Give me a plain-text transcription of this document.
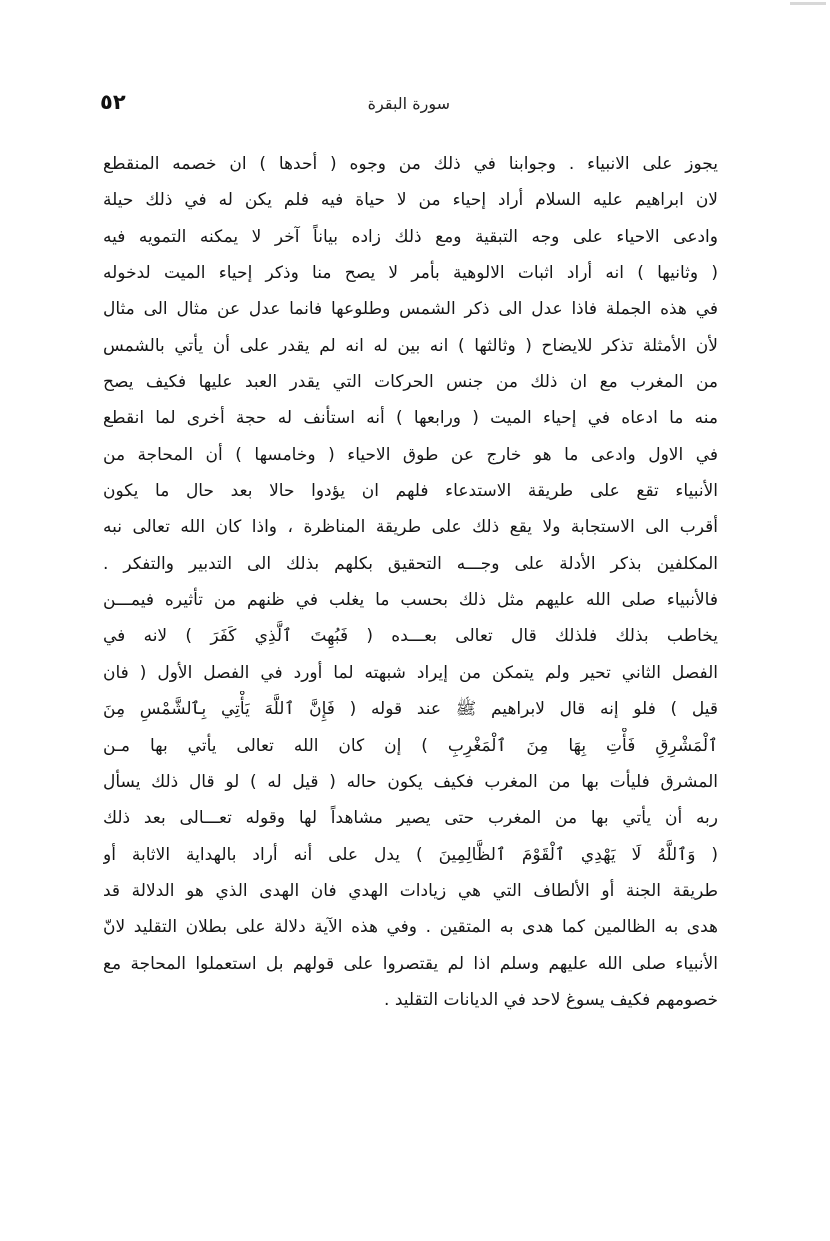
٥٢	سورة البقرة
يجوز على الانبياء . وجوابنا في ذلك من وجوه ( أحدها ) ان خصمه المنقطع
لان ابراهيم عليه السلام أراد إحياء من لا حياة فيه فلم يكن له في ذلك حيلة
وادعى الاحياء على وجه التبقية ومع ذلك زاده بياناً آخر لا يمكنه التمويه فيه
( وثانيها ) انه أراد اثبات الالوهية بأمر لا يصح منا وذكر إحياء الميت لدخوله
في هذه الجملة فاذا عدل الى ذكر الشمس وطلوعها فانما عدل عن مثال الى مثال
لأن الأمثلة تذكر للايضاح ( وثالثها ) انه بين له انه لم يقدر على أن يأتي بالشمس
من المغرب مع ان ذلك من جنس الحركات التي يقدر العبد عليها فكيف يصح
منه ما ادعاه في إحياء الميت ( ورابعها ) أنه استأنف له حجة أخرى لما انقطع
في الاول وادعى ما هو خارج عن طوق الاحياء ( وخامسها ) أن المحاجة من
الأنبياء تقع على طريقة الاستدعاء فلهم ان يؤدوا حالا بعد حال ما يكون
أقرب الى الاستجابة ولا يقع ذلك على طريقة المناظرة ، واذا كان الله تعالى نبه
المكلفين بذكر الأدلة على وجـــه التحقيق بكلهم بذلك الى التدبير والتفكر .
فالأنبياء صلى الله عليهم مثل ذلك بحسب ما يغلب في ظنهم من تأثيره فيمـــن
يخاطب بذلك فلذلك قال تعالى بعـــده ( فَبُهِتَ ٱلَّذِي كَفَرَ ) لانه في
الفصل الثاني تحير ولم يتمكن من إيراد شبهته لما أورد في الفصل الأول ( فان
قيل ) فلو إنه قال لابراهيم ﷺ عند قوله ( فَإِنَّ ٱللَّهَ يَأْتِي بِٱلشَّمْسِ مِنَ
ٱلْمَشْرِقِ فَأْتِ بِهَا مِنَ ٱلْمَغْرِبِ ) إن كان الله تعالى يأتي بها مـن
المشرق فليأت بها من المغرب فكيف يكون حاله ( قيل له ) لو قال ذلك يسأل
ربه أن يأتي بها من المغرب حتى يصير مشاهداً لها وقوله تعـــالى بعد ذلك
( وَٱللَّهُ لَا يَهْدِي ٱلْقَوْمَ ٱلظَّالِمِينَ ) يدل على أنه أراد بالهداية الاثابة أو
طريقة الجنة أو الألطاف التي هي زيادات الهدي فان الهدى الذي هو الدلالة قد
هدى به الظالمين كما هدى به المتقين . وفي هذه الآية دلالة على بطلان التقليد لانّ
الأنبياء صلى الله عليهم وسلم اذا لم يقتصروا على قولهم بل استعملوا المحاجة مع
خصومهم فكيف يسوغ لاحد في الديانات التقليد .
